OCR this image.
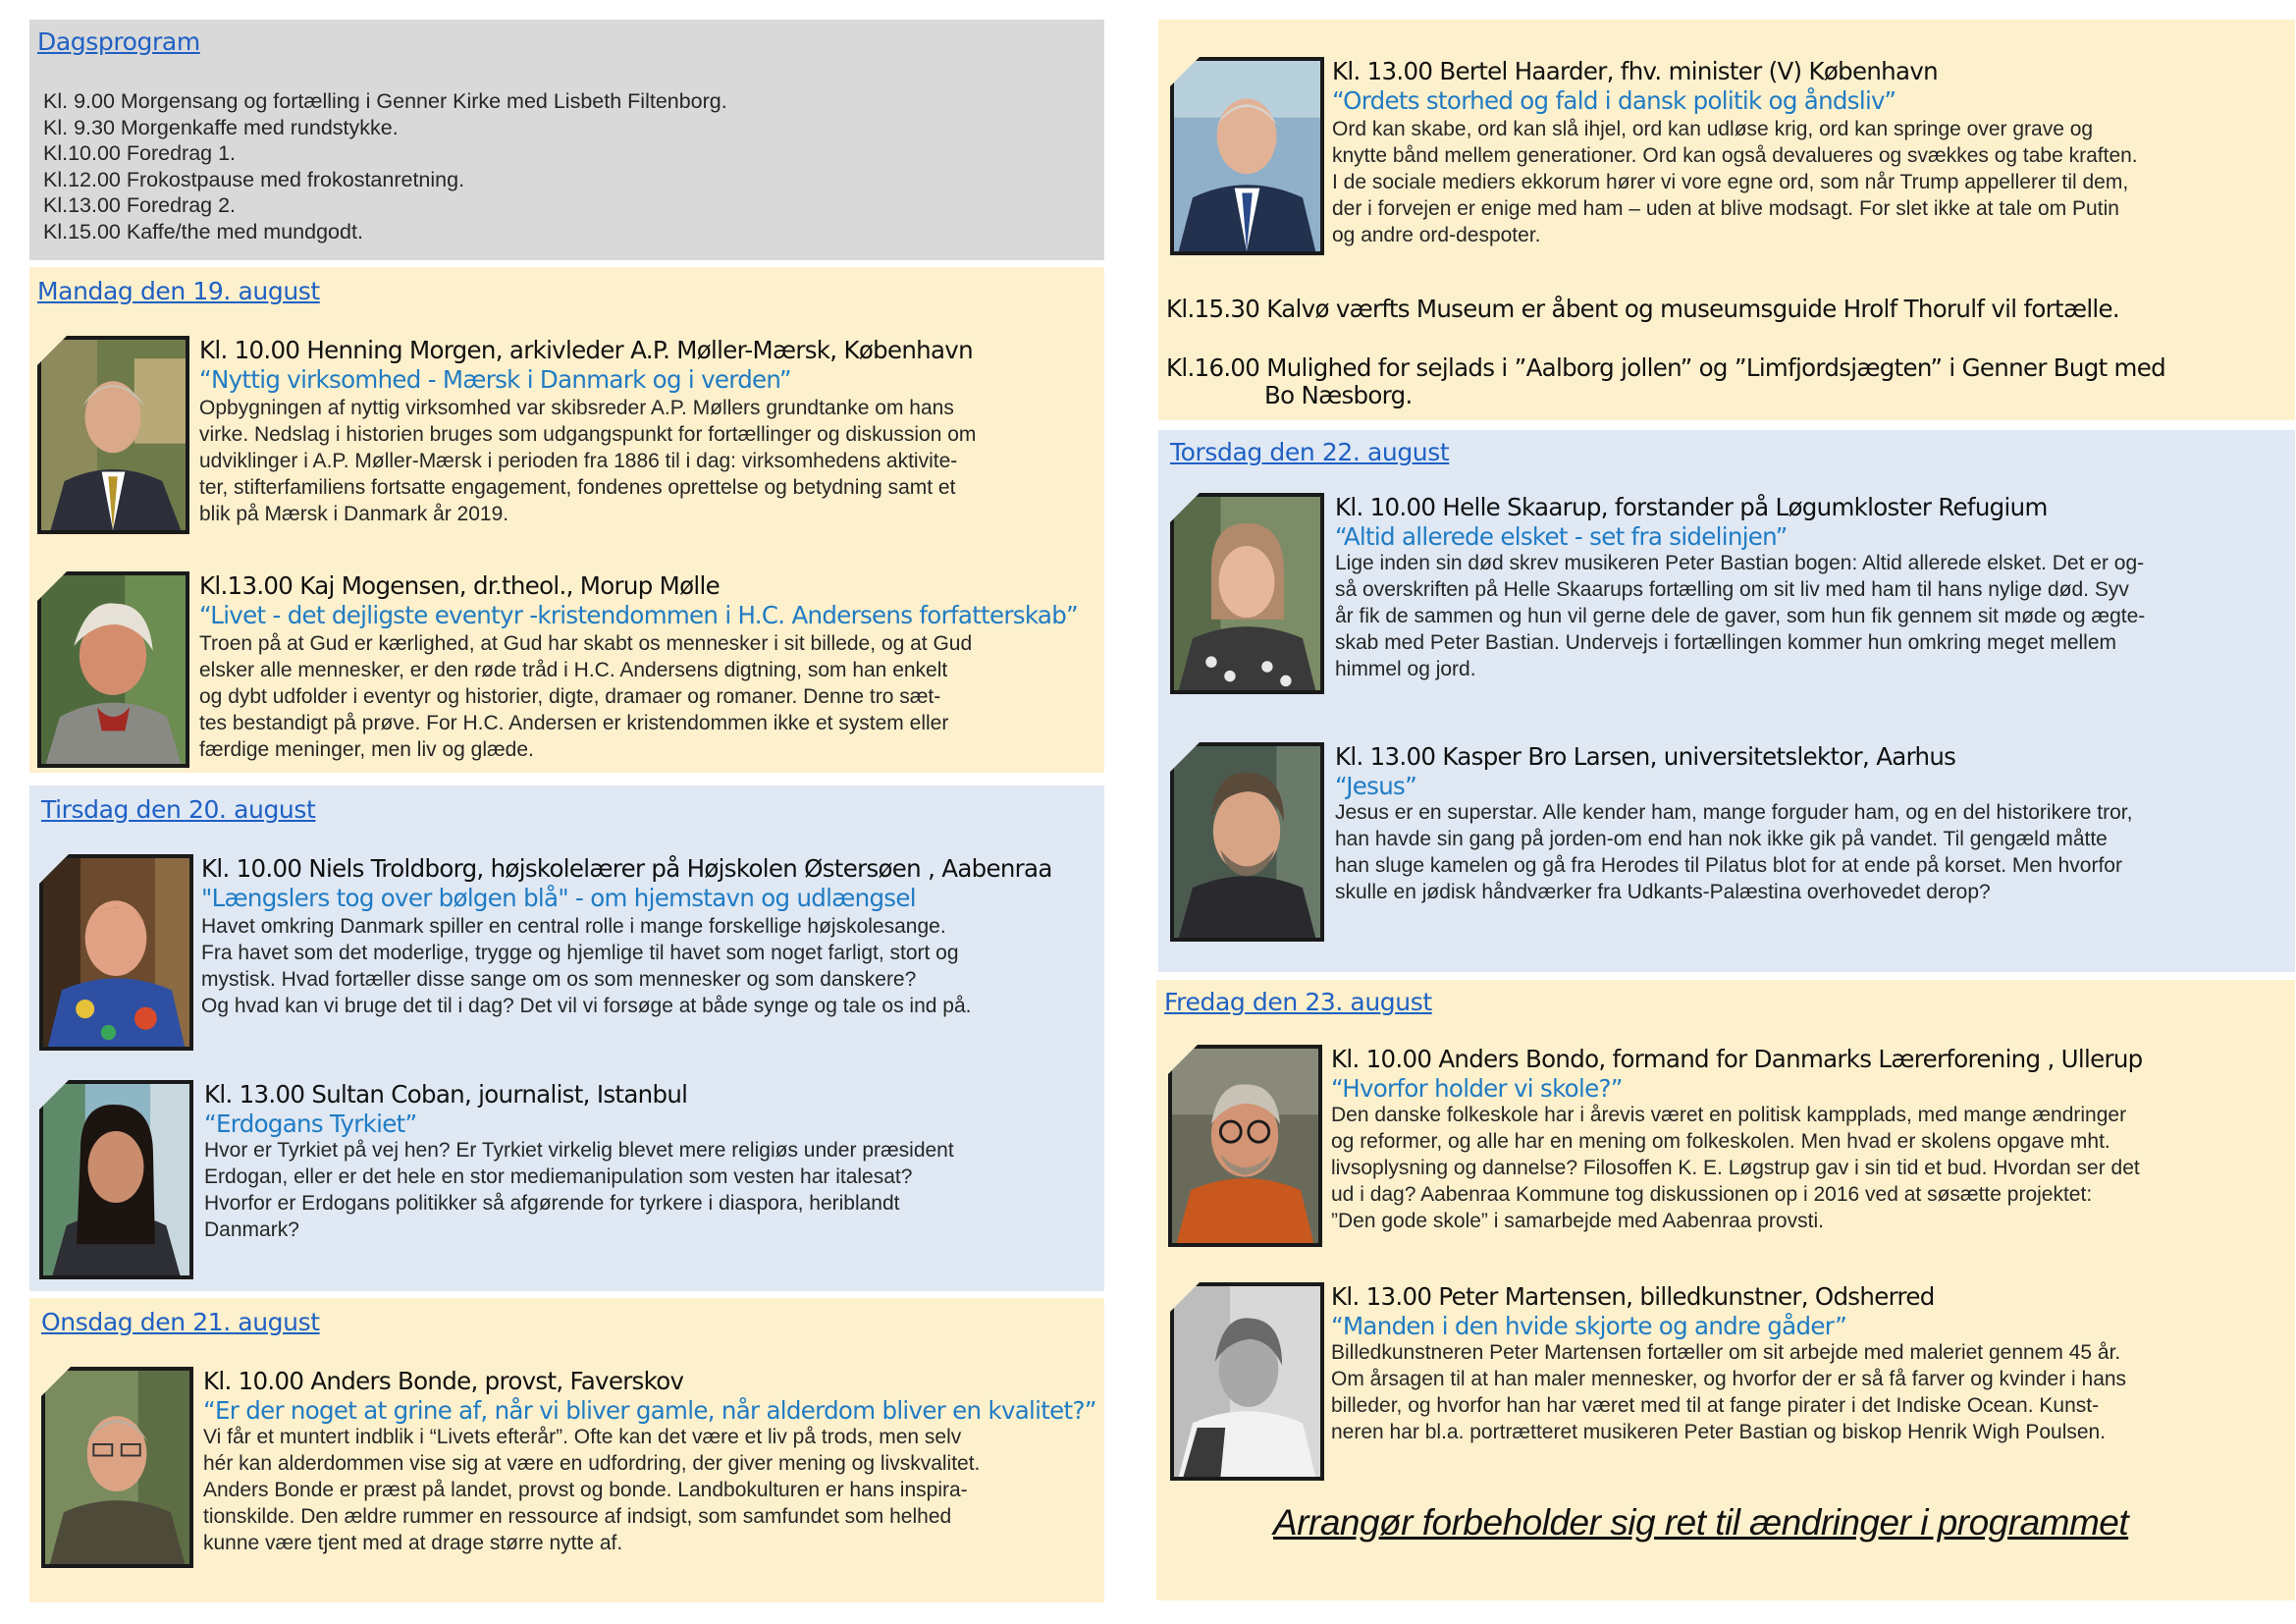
Dagsprogram
Kl. 9.00 Morgensang og fortælling i Genner Kirke med Lisbeth Filtenborg.
Kl. 9.30 Morgenkaffe med rundstykke.
Kl.10.00 Foredrag 1.
Kl.12.00 Frokostpause med frokostanretning.
Kl.13.00 Foredrag 2.
Kl.15.00 Kaffe/the med mundgodt.
Mandag den 19. august
Kl. 10.00 Henning Morgen, arkivleder A.P. Møller-Mærsk, København
“Nyttig virksomhed - Mærsk i Danmark og i verden”
Opbygningen af nyttig virksomhed var skibsreder A.P. Møllers grundtanke om hans
virke. Nedslag i historien bruges som udgangspunkt for fortællinger og diskussion om
udviklinger i A.P. Møller-Mærsk i perioden fra 1886 til i dag: virksomhedens aktivite-
ter, stifterfamiliens fortsatte engagement, fondenes oprettelse og betydning samt et
blik på Mærsk i Danmark år 2019.
Kl.13.00 Kaj Mogensen, dr.theol., Morup Mølle
“Livet - det dejligste eventyr -kristendommen i H.C. Andersens forfatterskab”
Troen på at Gud er kærlighed, at Gud har skabt os mennesker i sit billede, og at Gud
elsker alle mennesker, er den røde tråd i H.C. Andersens digtning, som han enkelt
og dybt udfolder i eventyr og historier, digte, dramaer og romaner. Denne tro sæt-
tes bestandigt på prøve. For H.C. Andersen er kristendommen ikke et system eller
færdige meninger, men liv og glæde.
Tirsdag den 20. august
Kl. 10.00 Niels Troldborg, højskolelærer på Højskolen Østersøen , Aabenraa
"Længslers tog over bølgen blå" - om hjemstavn og udlængsel
Havet omkring Danmark spiller en central rolle i mange forskellige højskolesange.
Fra havet som det moderlige, trygge og hjemlige til havet som noget farligt, stort og
mystisk. Hvad fortæller disse sange om os som mennesker og som danskere?
Og hvad kan vi bruge det til i dag? Det vil vi forsøge at både synge og tale os ind på.
Kl. 13.00 Sultan Coban, journalist, Istanbul
“Erdogans Tyrkiet”
Hvor er Tyrkiet på vej hen? Er Tyrkiet virkelig blevet mere religiøs under præsident
Erdogan, eller er det hele en stor mediemanipulation som vesten har italesat?
Hvorfor er Erdogans politikker så afgørende for tyrkere i diaspora, heriblandt
Danmark?
Onsdag den 21. august
Kl. 10.00 Anders Bonde, provst, Faverskov
“Er der noget at grine af, når vi bliver gamle, når alderdom bliver en kvalitet?”
Vi får et muntert indblik i “Livets efterår”. Ofte kan det være et liv på trods, men selv
hér kan alderdommen vise sig at være en udfordring, der giver mening og livskvalitet.
Anders Bonde er præst på landet, provst og bonde. Landbokulturen er hans inspira-
tionskilde. Den ældre rummer en ressource af indsigt, som samfundet som helhed
kunne være tjent med at drage større nytte af.
Kl. 13.00 Bertel Haarder, fhv. minister (V) København
“Ordets storhed og fald i dansk politik og åndsliv”
Ord kan skabe, ord kan slå ihjel, ord kan udløse krig, ord kan springe over grave og
knytte bånd mellem generationer. Ord kan også devalueres og svækkes og tabe kraften.
I de sociale mediers ekkorum hører vi vore egne ord, som når Trump appellerer til dem,
der i forvejen er enige med ham – uden at blive modsagt. For slet ikke at tale om Putin
og andre ord-despoter.
Kl.15.30 Kalvø værfts Museum er åbent og museumsguide Hrolf Thorulf vil fortælle.
Kl.16.00 Mulighed for sejlads i ”Aalborg jollen” og ”Limfjordsjægten” i Genner Bugt med
Bo Næsborg.
Torsdag den 22. august
Kl. 10.00 Helle Skaarup, forstander på Løgumkloster Refugium
“Altid allerede elsket - set fra sidelinjen”
Lige inden sin død skrev musikeren Peter Bastian bogen: Altid allerede elsket. Det er og-
så overskriften på Helle Skaarups fortælling om sit liv med ham til hans nylige død. Syv
år fik de sammen og hun vil gerne dele de gaver, som hun fik gennem sit møde og ægte-
skab med Peter Bastian. Undervejs i fortællingen kommer hun omkring meget mellem
himmel og jord.
Kl. 13.00 Kasper Bro Larsen, universitetslektor, Aarhus
“Jesus”
Jesus er en superstar. Alle kender ham, mange forguder ham, og en del historikere tror,
han havde sin gang på jorden-om end han nok ikke gik på vandet. Til gengæld måtte
han sluge kamelen og gå fra Herodes til Pilatus blot for at ende på korset. Men hvorfor
skulle en jødisk håndværker fra Udkants-Palæstina overhovedet derop?
Fredag den 23. august
Kl. 10.00 Anders Bondo, formand for Danmarks Lærerforening , Ullerup
“Hvorfor holder vi skole?”
Den danske folkeskole har i årevis været en politisk kampplads, med mange ændringer
og reformer, og alle har en mening om folkeskolen. Men hvad er skolens opgave mht.
livsoplysning og dannelse? Filosoffen K. E. Løgstrup gav i sin tid et bud. Hvordan ser det
ud i dag? Aabenraa Kommune tog diskussionen op i 2016 ved at søsætte projektet:
”Den gode skole” i samarbejde med Aabenraa provsti.
Kl. 13.00 Peter Martensen, billedkunstner, Odsherred
“Manden i den hvide skjorte og andre gåder”
Billedkunstneren Peter Martensen fortæller om sit arbejde med maleriet gennem 45 år.
Om årsagen til at han maler mennesker, og hvorfor der er så få farver og kvinder i hans
billeder, og hvorfor han har været med til at fange pirater i det Indiske Ocean. Kunst-
neren har bl.a. portrætteret musikeren Peter Bastian og biskop Henrik Wigh Poulsen.
Arrangør forbeholder sig ret til ændringer i programmet
